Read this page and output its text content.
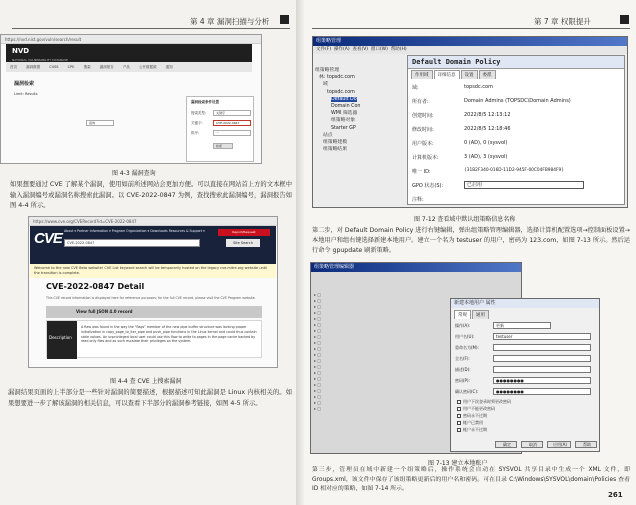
第 4 章 漏洞扫描与分析
https://nvd.nist.gov/vuln/search/result
NVD
NATIONAL VULNERABILITY DATABASE
首页	漏洞数据	CVSS	CPE	搜索	漏洞报告	产品	公开数据源	通知
漏洞检索
Limit: Results
查询
漏洞检索条件设置
搜索类型:	关键字
关键字:	CVE-2022-0847
排序:	一
检索
图 4-3 漏洞查询
如果想要通过 CVE 了解某个漏洞，使用如前所述网站会更加方便。可以直接在网站首上方的文本框中输入漏洞编号或漏洞名称搜索此漏洞。以 CVE-2022-0847 为例，查找搜索此漏洞编号，漏洞报告如图 4-4 所示。
https://www.cve.org/CVERecord?id=CVE-2022-0847
CVE About ▾ Partner Information ▾ Program Organization ▾ Downloads Resources & Support ▾	Report/Request
CVE-2022-0847	Site Search
Welcome to the new CVE Beta website! CVE List keyword search will be temporarily hosted on the legacy cve.mitre.org website until the transition is complete.
CVE-2022-0847 Detail
This CVE record information is displayed here for reference purposes; for the full CVE record, please visit the CVE Program website.
View full JSON 4.0 record
Description
A flaw was found in the way the "flags" member of the new pipe buffer structure was lacking proper initialization in copy_page_to_iter_pipe and push_pipe functions in the Linux kernel and could thus contain stale values. An unprivileged local user could use this flaw to write to pages in the page cache backed by read only files and as such escalate their privileges on the system.
图 4-4 查 CVE 上搜索漏洞
漏洞结果页面的上半部分是一些针对漏洞的简要描述，根据描述可知此漏洞是 Linux 内核相关的。如果想要进一步了解该漏洞的相关信息，可以查看下半部分的漏洞参考链接，如图 4-5 所示。
第 7 章 权限提升
组策略管理
文件(F) 操作(A) 查看(V) 窗口(W) 帮助(H)
组策略管理
林: topsdc.com
域
topsdc.com
Default Do
Domain Con
WMI 筛选器
组策略对象
Starter GP
站点
组策略建模
组策略结果
Default Domain Policy
作用域 详细信息 设置 委派
域:	topsdc.com
所有者:	Domain Admins (TOPSDC\Domain Admins)
创建时间:	2022/8/5 12:13:12
修改时间:	2022/8/5 12:18:46
用户版本:	0 (AD), 0 (sysvol)
计算机版本:	3 (AD), 3 (sysvol)
唯一 ID:	{31B2F340-016D-11D2-945F-00C04FB984F9}
GPO 状态(S):	已启用
注释:
图 7-12 查看域中默认组策略信息名称
第二步，对 Default Domain Policy 进行右键编辑，弹出组策略管理编辑器，选择计算机配置选项→控制面板设置→本地用户和组右键选择新建本地用户。建立一个名为 testuser 的用户，密码为 123.com，如图 7-13 所示。然后运行命令 gpupdate 刷新策略。
组策略管理编辑器
▸ □
▸ □
▸ □
▸ □
▸ □
▸ □
▸ □
▸ □
▸ □
▸ □
▸ □
▸ □
▸ □
▸ □
▸ □
▸ □
▸ □
▸ □
▸ □
▸ □
新建本地用户 属性
常规 通用
操作(A):	更新
用户名(U):	testuser
重命名为(M):
全名(F):
描述(D):
密码(P):	●●●●●●●●
确认密码(C):	●●●●●●●●
用户下次登录时须更改密码
用户不能更改密码
密码永不过期
帐户已禁用
帐户永不过期
确定	取消	应用(A)	帮助
图 7-13 建立本地账户
第三步，管理员在域中新建一个组策略后，操作系统会自动在 SYSVOL 共享目录中生成一个 XML 文件，即 Groups.xml，该文件中保存了该组策略更新后的用户名和密码。可在目录 C:\Windows\SYSVOL\domain\Policies 查看 ID 相对应的策略，如图 7-14 所示。
261
